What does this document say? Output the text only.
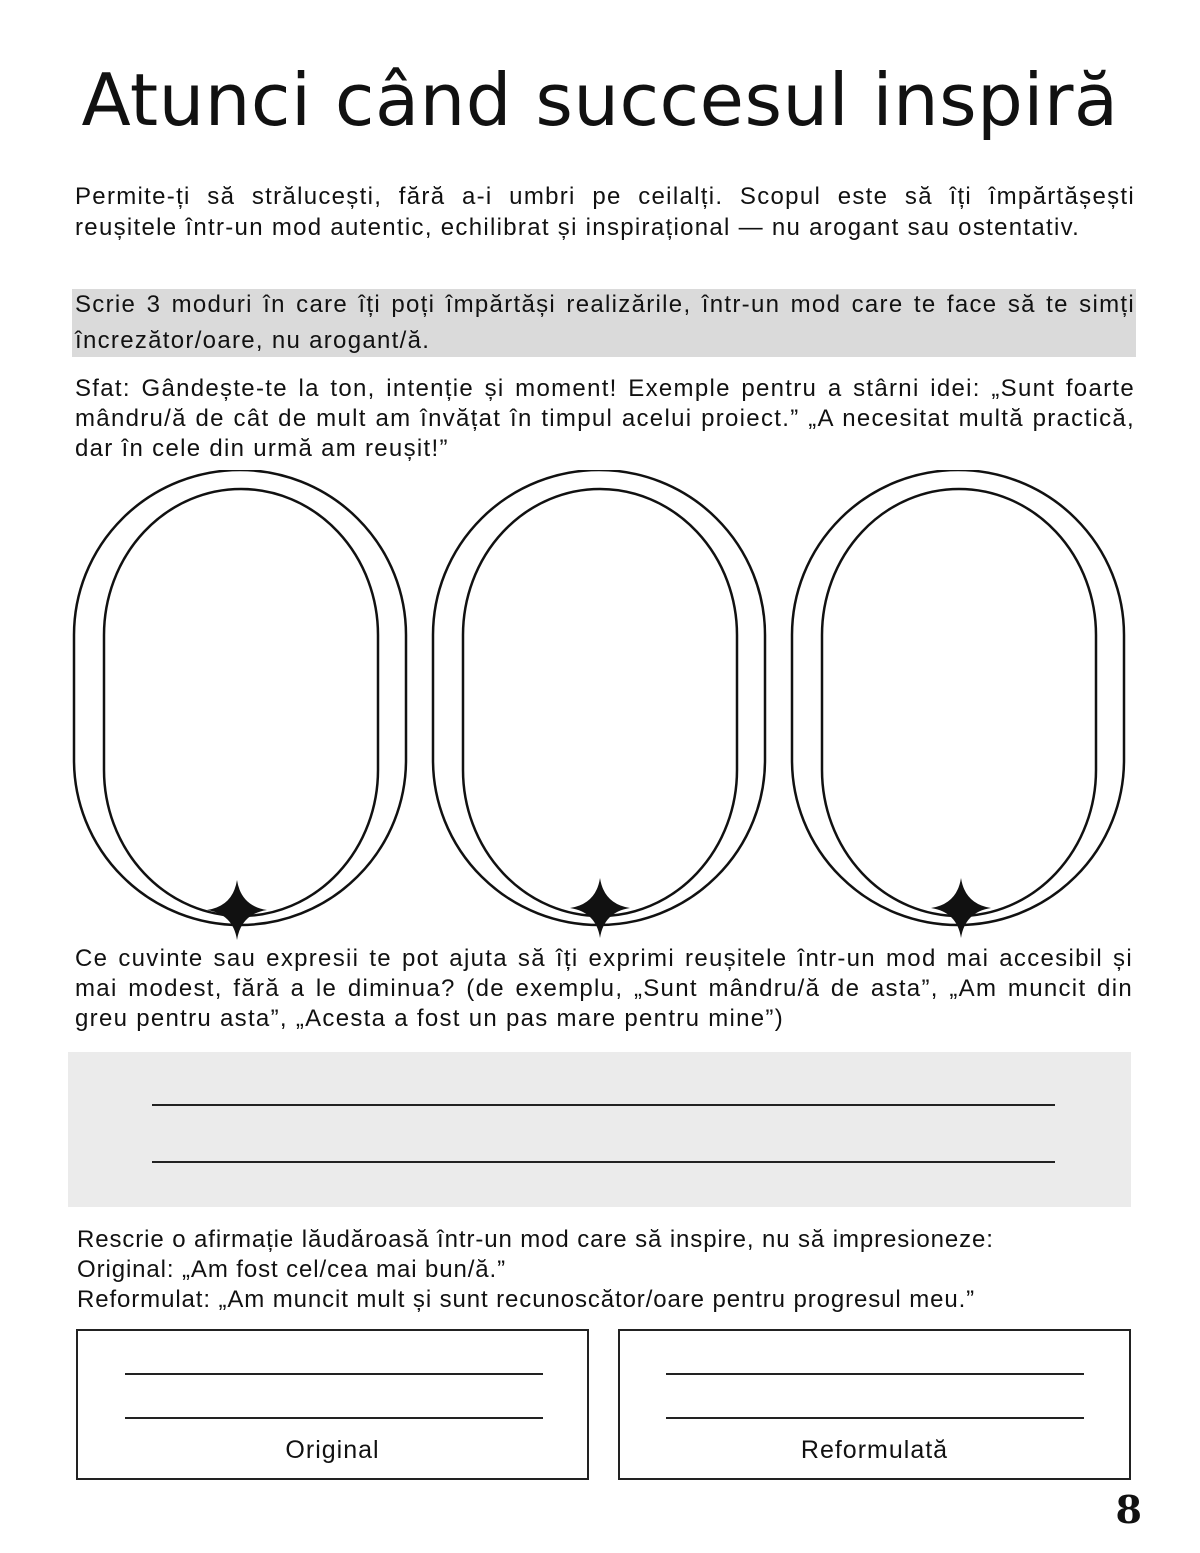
Atunci când succesul inspiră
Permite-ți să strălucești, fără a-i umbri pe ceilalți. Scopul este să îți împărtășești reușitele într-un mod autentic, echilibrat și inspirațional — nu arogant sau ostentativ.
Scrie 3 moduri în care îți poți împărtăși realizările, într-un mod care te face să te simți încrezător/oare, nu arogant/ă.
Sfat: Gândește-te la ton, intenție și moment! Exemple pentru a stârni idei: „Sunt foarte mândru/ă de cât de mult am învățat în timpul acelui proiect.” „A necesitat multă practică, dar în cele din urmă am reușit!”
Ce cuvinte sau expresii te pot ajuta să îți exprimi reușitele într-un mod mai accesibil și mai modest, fără a le diminua? (de exemplu, „Sunt mândru/ă de asta”, „Am muncit din greu pentru asta”, „Acesta a fost un pas mare pentru mine”)
Rescrie o afirmație lăudăroasă într-un mod care să inspire, nu să impresioneze:
Original: „Am fost cel/cea mai bun/ă.”
Reformulat: „Am muncit mult și sunt recunoscător/oare pentru progresul meu.”
Original	Reformulată
8
